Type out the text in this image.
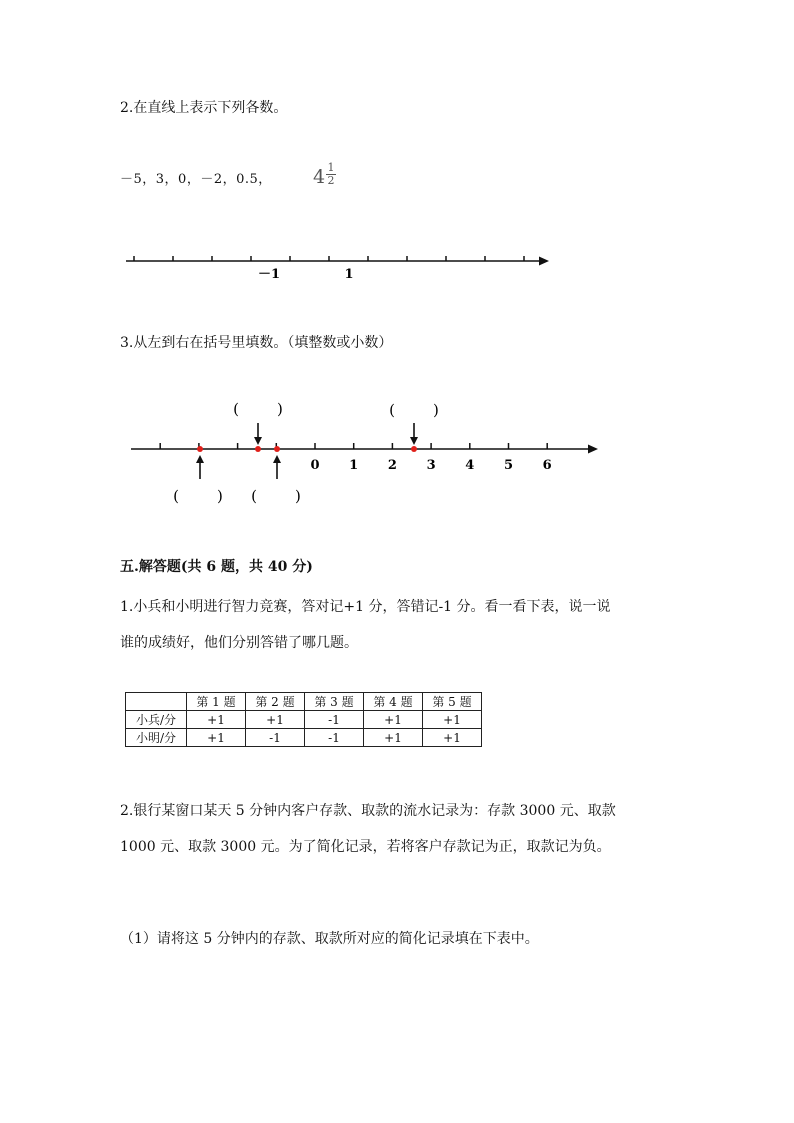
2.在直线上表示下列各数。
－5，3，0，－2，0.5， $4 \frac{1}{2}$
－1	1
0 1 2 3 4 5 6
(        )	(        )
(        ) (        )
3.从左到右在括号里填数。（填整数或小数）
五.解答题(共 6 题，共 40 分)
1.小兵和小明进行智力竞赛，答对记+1 分，答错记-1 分。看一看下表，说一说
谁的成绩好，他们分别答错了哪几题。
	第 1 题	第 2 题	第 3 题	第 4 题	第 5 题
小兵/分	+1	+1	-1	+1	+1
小明/分	+1	-1	-1	+1	+1
2.银行某窗口某天 5 分钟内客户存款、取款的流水记录为：存款 3000 元、取款
1000 元、取款 3000 元。为了简化记录，若将客户存款记为正，取款记为负。
（1）请将这 5 分钟内的存款、取款所对应的简化记录填在下表中。
